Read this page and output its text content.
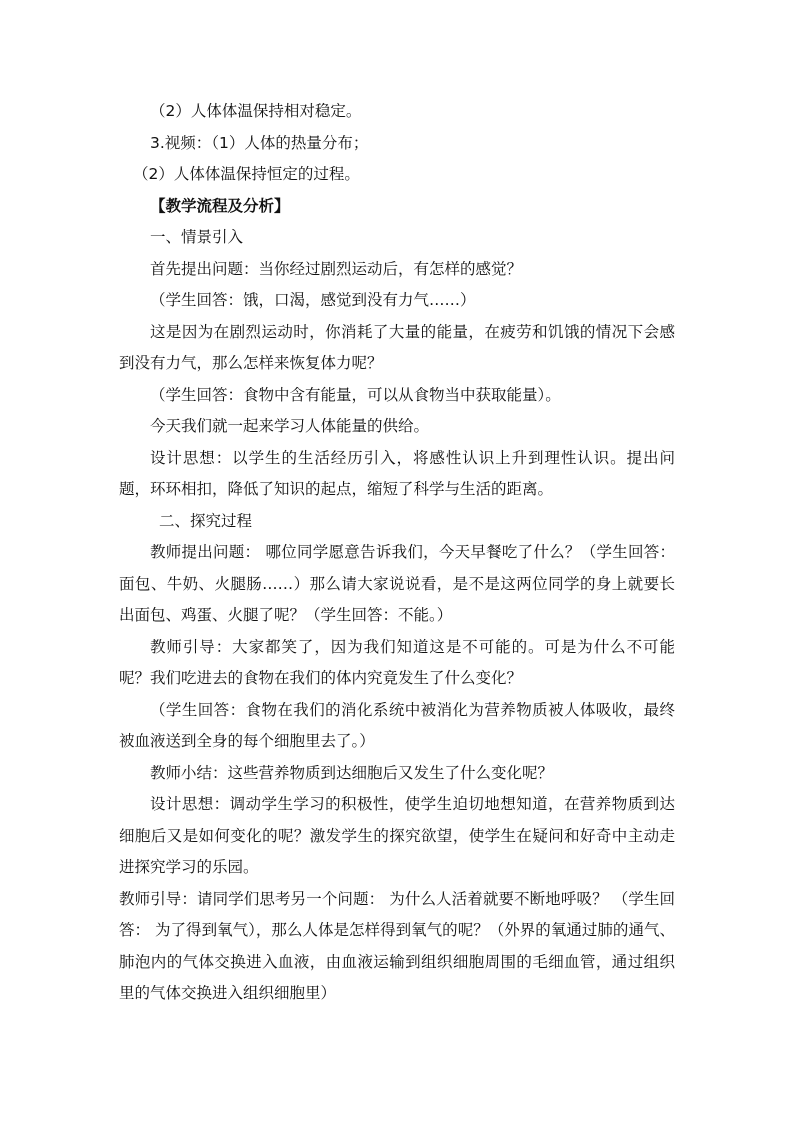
（2）人体体温保持相对稳定。

3.视频：（1）人体的热量分布；

（2）人体体温保持恒定的过程。

【教学流程及分析】

一、情景引入

首先提出问题：当你经过剧烈运动后，有怎样的感觉？

（学生回答：饿，口渴，感觉到没有力气……）

这是因为在剧烈运动时，你消耗了大量的能量，在疲劳和饥饿的情况下会感到没有力气，那么怎样来恢复体力呢？

（学生回答：食物中含有能量，可以从食物当中获取能量）。

今天我们就一起来学习人体能量的供给。

设计思想：以学生的生活经历引入，将感性认识上升到理性认识。提出问题，环环相扣，降低了知识的起点，缩短了科学与生活的距离。

二、探究过程

教师提出问题： 哪位同学愿意告诉我们，今天早餐吃了什么？（学生回答：面包、牛奶、火腿肠……）那么请大家说说看，是不是这两位同学的身上就要长出面包、鸡蛋、火腿了呢？（学生回答：不能。）

教师引导：大家都笑了，因为我们知道这是不可能的。可是为什么不可能呢？我们吃进去的食物在我们的体内究竟发生了什么变化？

（学生回答：食物在我们的消化系统中被消化为营养物质被人体吸收，最终被血液送到全身的每个细胞里去了。）

教师小结：这些营养物质到达细胞后又发生了什么变化呢？

设计思想：调动学生学习的积极性，使学生迫切地想知道，在营养物质到达细胞后又是如何变化的呢？激发学生的探究欲望，使学生在疑问和好奇中主动走进探究学习的乐园。

教师引导：请同学们思考另一个问题： 为什么人活着就要不断地呼吸？ （学生回答： 为了得到氧气），那么人体是怎样得到氧气的呢？（外界的氧通过肺的通气、肺泡内的气体交换进入血液，由血液运输到组织细胞周围的毛细血管，通过组织里的气体交换进入组织细胞里）
